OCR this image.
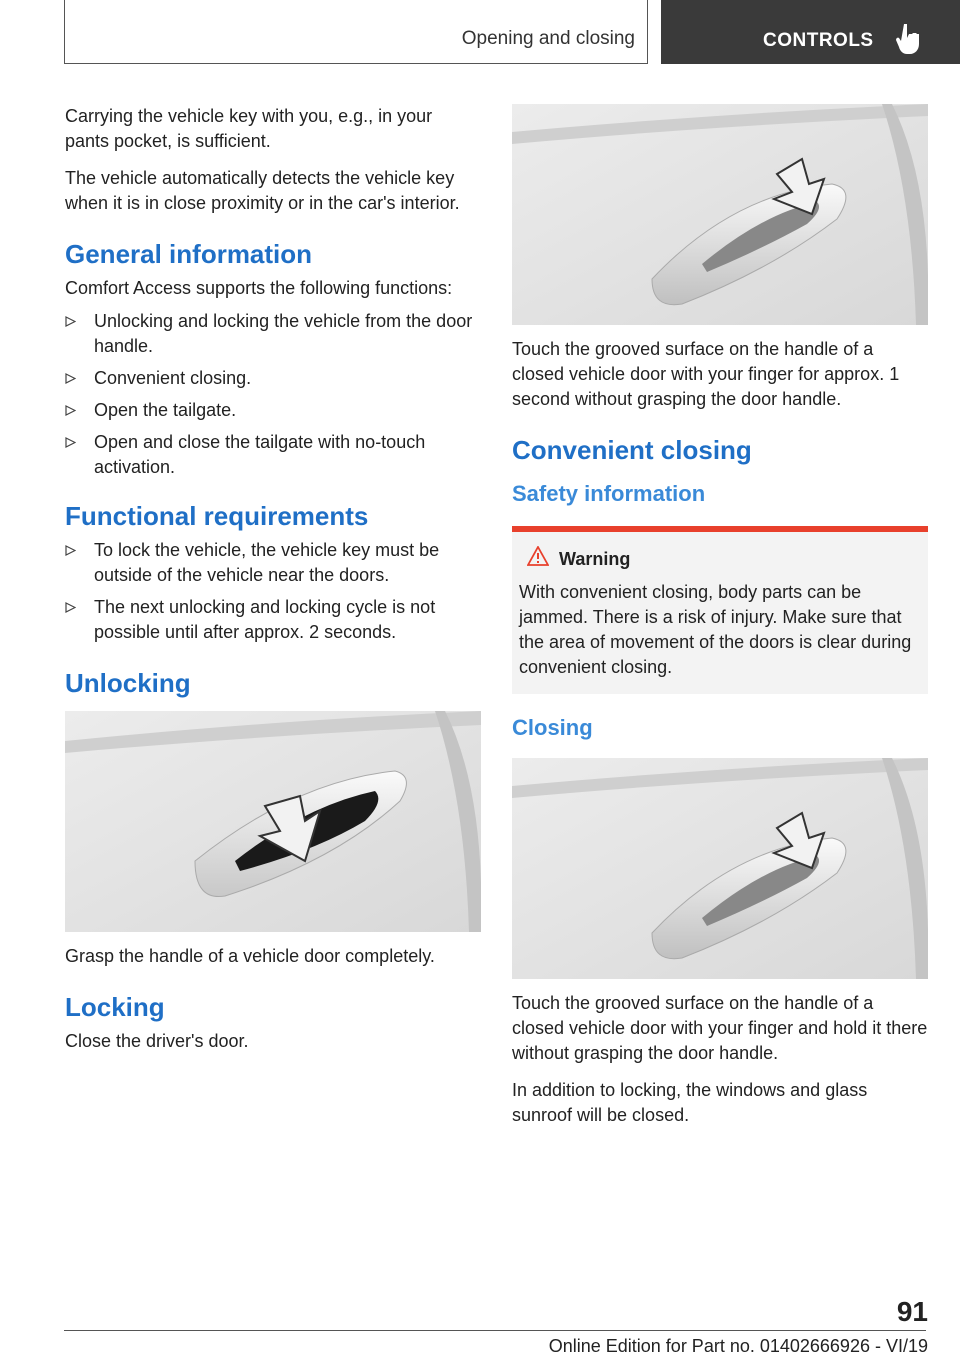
Opening and closing	CONTROLS

Carrying the vehicle key with you, e.g., in your pants pocket, is sufficient.

The vehicle automatically detects the vehicle key when it is in close proximity or in the car's interior.

General information

Comfort Access supports the following functions:

Unlocking and locking the vehicle from the door handle.
Convenient closing.
Open the tailgate.
Open and close the tailgate with no-touch activation.
Functional requirements
To lock the vehicle, the vehicle key must be outside of the vehicle near the doors.
The next unlocking and locking cycle is not possible until after approx. 2 seconds.
Unlocking

Grasp the handle of a vehicle door completely.

Locking

Close the driver's door.

Touch the grooved surface on the handle of a closed vehicle door with your finger for approx. 1 second without grasping the door handle.

Convenient closing
Safety information
Warning

With convenient closing, body parts can be jammed. There is a risk of injury. Make sure that the area of movement of the doors is clear during convenient closing.

Closing

Touch the grooved surface on the handle of a closed vehicle door with your finger and hold it there without grasping the door handle.

In addition to locking, the windows and glass sunroof will be closed.

91
Online Edition for Part no. 01402666926 - VI/19
